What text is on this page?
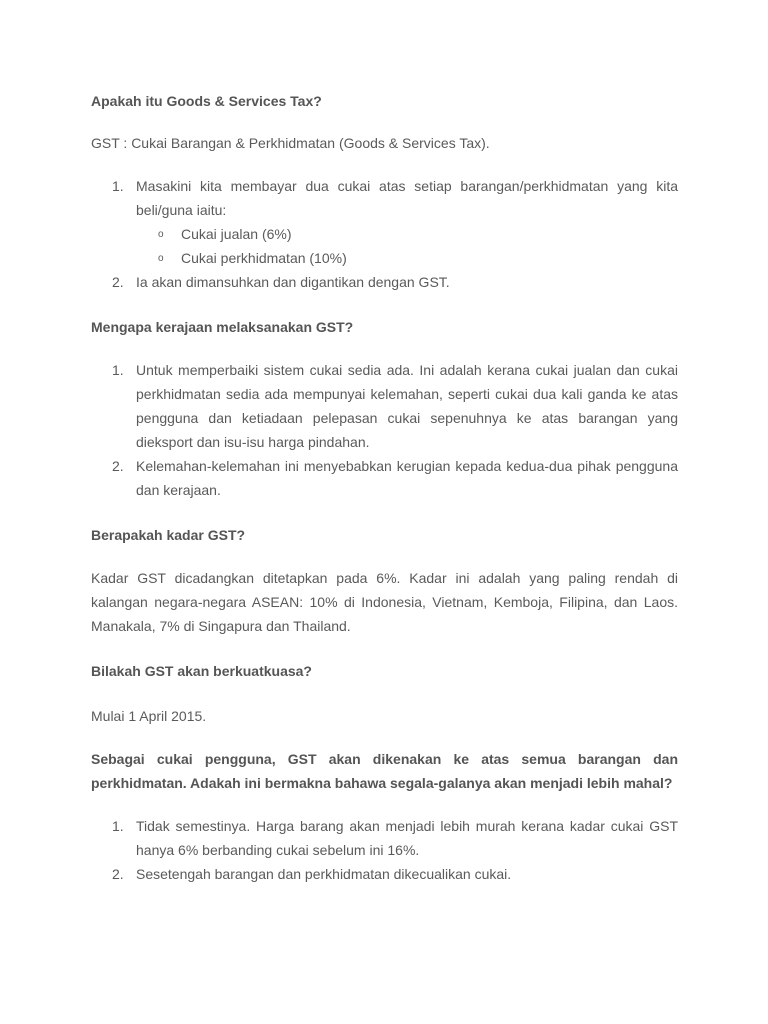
Apakah itu Goods & Services Tax?

GST : Cukai Barangan & Perkhidmatan (Goods & Services Tax).

1. Masakini kita membayar dua cukai atas setiap barangan/perkhidmatan yang kita beli/guna iaitu:
o Cukai jualan (6%)
o Cukai perkhidmatan (10%)
2. Ia akan dimansuhkan dan digantikan dengan GST.

Mengapa kerajaan melaksanakan GST?

1. Untuk memperbaiki sistem cukai sedia ada. Ini adalah kerana cukai jualan dan cukai perkhidmatan sedia ada mempunyai kelemahan, seperti cukai dua kali ganda ke atas pengguna dan ketiadaan pelepasan cukai sepenuhnya ke atas barangan yang dieksport dan isu-isu harga pindahan.
2. Kelemahan-kelemahan ini menyebabkan kerugian kepada kedua-dua pihak pengguna dan kerajaan.

Berapakah kadar GST?

Kadar GST dicadangkan ditetapkan pada 6%. Kadar ini adalah yang paling rendah di kalangan negara-negara ASEAN: 10% di Indonesia, Vietnam, Kemboja, Filipina, dan Laos. Manakala, 7% di Singapura dan Thailand.

Bilakah GST akan berkuatkuasa?

Mulai 1 April 2015.

Sebagai cukai pengguna, GST akan dikenakan ke atas semua barangan dan perkhidmatan. Adakah ini bermakna bahawa segala-galanya akan menjadi lebih mahal?

1. Tidak semestinya. Harga barang akan menjadi lebih murah kerana kadar cukai GST hanya 6% berbanding cukai sebelum ini 16%.
2. Sesetengah barangan dan perkhidmatan dikecualikan cukai.
